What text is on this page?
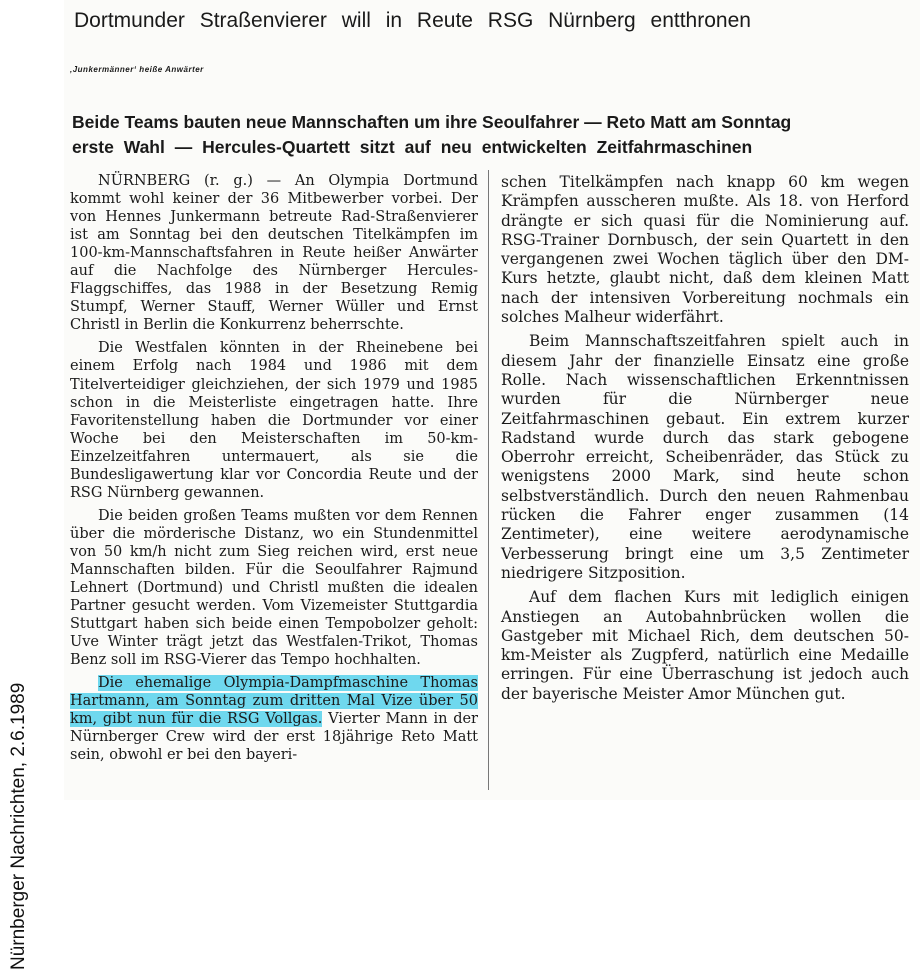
Nürnberger Nachrichten, 2.6.1989
Dortmunder Straßenvierer will in Reute RSG Nürnberg entthronen
‚Junkermänner‘ heiße Anwärter
Beide Teams bauten neue Mannschaften um ihre Seoulfahrer — Reto Matt am Sonntag
erste Wahl — Hercules-Quartett sitzt auf neu entwickelten Zeitfahrmaschinen

NÜRNBERG (r. g.) — An Olympia Dortmund kommt wohl keiner der 36 Mitbewerber vorbei. Der von Hennes Junkermann betreute Rad-Straßenvierer ist am Sonntag bei den deutschen Titelkämpfen im 100-km-Mannschaftsfahren in Reute heißer Anwärter auf die Nachfolge des Nürnberger Hercules-Flaggschiffes, das 1988 in der Besetzung Remig Stumpf, Werner Stauff, Werner Wüller und Ernst Christl in Berlin die Konkurrenz beherrschte.

Die Westfalen könnten in der Rheinebene bei einem Erfolg nach 1984 und 1986 mit dem Titelverteidiger gleichziehen, der sich 1979 und 1985 schon in die Meisterliste eingetragen hatte. Ihre Favoritenstellung haben die Dortmunder vor einer Woche bei den Meisterschaften im 50-km-Einzelzeitfahren untermauert, als sie die Bundesligawertung klar vor Concordia Reute und der RSG Nürnberg gewannen.

Die beiden großen Teams mußten vor dem Rennen über die mörderische Distanz, wo ein Stundenmittel von 50 km/h nicht zum Sieg reichen wird, erst neue Mannschaften bilden. Für die Seoulfahrer Rajmund Lehnert (Dortmund) und Christl mußten die idealen Partner gesucht werden. Vom Vizemeister Stuttgardia Stuttgart haben sich beide einen Tempobolzer geholt: Uve Winter trägt jetzt das Westfalen-Trikot, Thomas Benz soll im RSG-Vierer das Tempo hochhalten.

Die ehemalige Olympia-Dampfmaschine Thomas Hartmann, am Sonntag zum dritten Mal Vize über 50 km, gibt nun für die RSG Vollgas. Vierter Mann in der Nürnberger Crew wird der erst 18jährige Reto Matt sein, obwohl er bei den bayeri-

schen Titelkämpfen nach knapp 60 km wegen Krämpfen ausscheren mußte. Als 18. von Herford drängte er sich quasi für die Nominierung auf. RSG-Trainer Dornbusch, der sein Quartett in den vergangenen zwei Wochen täglich über den DM-Kurs hetzte, glaubt nicht, daß dem kleinen Matt nach der intensiven Vorbereitung nochmals ein solches Malheur widerfährt.

Beim Mannschaftszeitfahren spielt auch in diesem Jahr der finanzielle Einsatz eine große Rolle. Nach wissenschaftlichen Erkenntnissen wurden für die Nürnberger neue Zeitfahrmaschinen gebaut. Ein extrem kurzer Radstand wurde durch das stark gebogene Oberrohr erreicht, Scheibenräder, das Stück zu wenigstens 2000 Mark, sind heute schon selbstverständlich. Durch den neuen Rahmenbau rücken die Fahrer enger zusammen (14 Zentimeter), eine weitere aerodynamische Verbesserung bringt eine um 3,5 Zentimeter niedrigere Sitzposition.

Auf dem flachen Kurs mit lediglich einigen Anstiegen an Autobahnbrücken wollen die Gastgeber mit Michael Rich, dem deutschen 50-km-Meister als Zugpferd, natürlich eine Medaille erringen. Für eine Überraschung ist jedoch auch der bayerische Meister Amor München gut.
